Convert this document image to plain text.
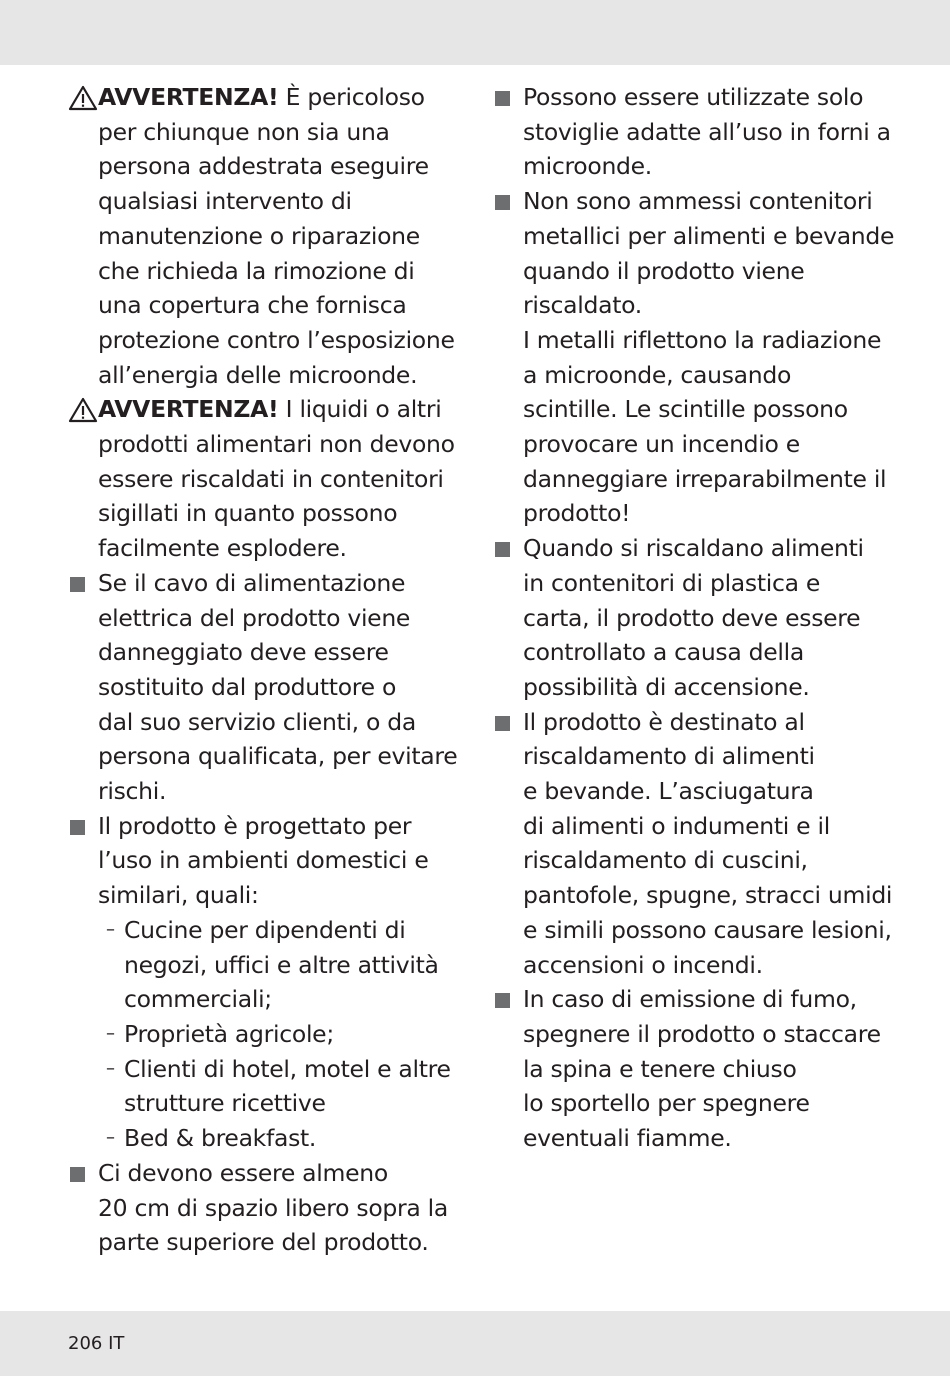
AVVERTENZA! È pericoloso
per chiunque non sia una
persona addestrata eseguire
qualsiasi intervento di
manutenzione o riparazione
che richieda la rimozione di
una copertura che fornisca
protezione contro l’esposizione
all’energia delle microonde.
AVVERTENZA! I liquidi o altri
prodotti alimentari non devono
essere riscaldati in contenitori
sigillati in quanto possono
facilmente esplodere.
Se il cavo di alimentazione
elettrica del prodotto viene
danneggiato deve essere
sostituito dal produttore o
dal suo servizio clienti, o da
persona qualificata, per evitare
rischi.
Il prodotto è progettato per
l’uso in ambienti domestici e
similari, quali:
– Cucine per dipendenti di
negozi, uffici e altre attività
commerciali;
– Proprietà agricole;
– Clienti di hotel, motel e altre
strutture ricettive
– Bed & breakfast.
Ci devono essere almeno
20 cm di spazio libero sopra la
parte superiore del prodotto.
Possono essere utilizzate solo
stoviglie adatte all’uso in forni a
microonde.
Non sono ammessi contenitori
metallici per alimenti e bevande
quando il prodotto viene
riscaldato.
I metalli riflettono la radiazione
a microonde, causando
scintille. Le scintille possono
provocare un incendio e
danneggiare irreparabilmente il
prodotto!
Quando si riscaldano alimenti
in contenitori di plastica e
carta, il prodotto deve essere
controllato a causa della
possibilità di accensione.
Il prodotto è destinato al
riscaldamento di alimenti
e bevande. L’asciugatura
di alimenti o indumenti e il
riscaldamento di cuscini,
pantofole, spugne, stracci umidi
e simili possono causare lesioni,
accensioni o incendi.
In caso di emissione di fumo,
spegnere il prodotto o staccare
la spina e tenere chiuso
lo sportello per spegnere
eventuali fiamme.
206 IT
